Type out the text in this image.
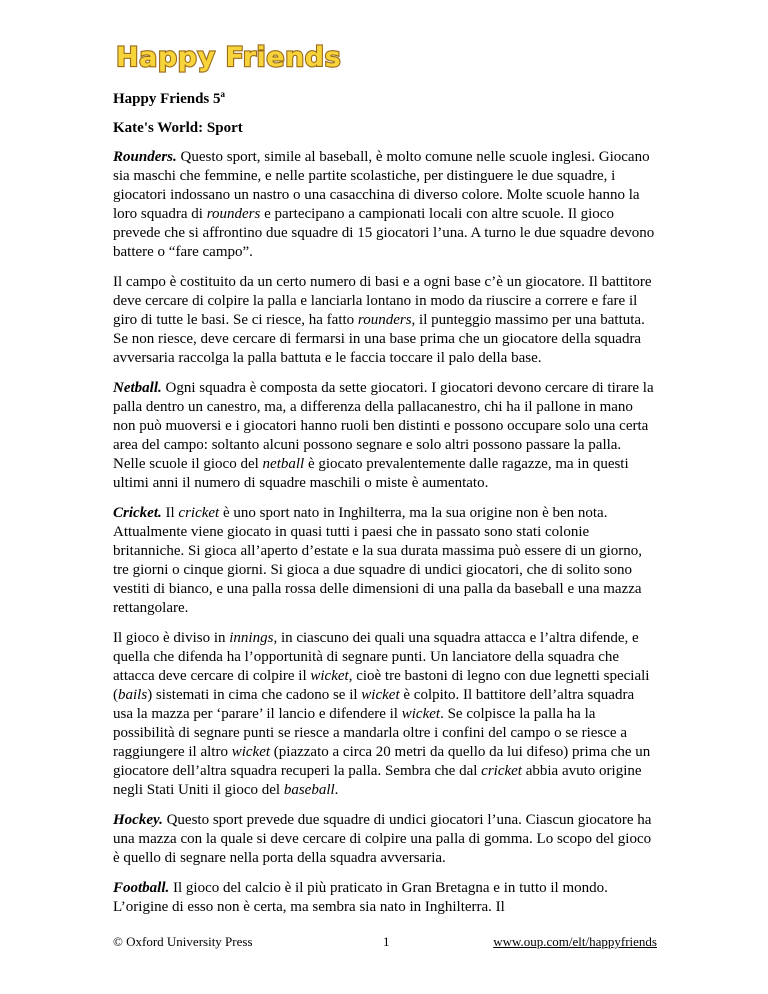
Happy Friends
Happy Friends 5$^a$
Kate's World: Sport

Rounders. Questo sport, simile al baseball, è molto comune nelle scuole inglesi. Giocano sia maschi che femmine, e nelle partite scolastiche, per distinguere le due squadre, i giocatori indossano un nastro o una casacchina di diverso colore. Molte scuole hanno la loro squadra di rounders e partecipano a campionati locali con altre scuole. Il gioco prevede che si affrontino due squadre di 15 giocatori l’una. A turno le due squadre devono battere o “fare campo”.

Il campo è costituito da un certo numero di basi e a ogni base c’è un giocatore. Il battitore deve cercare di colpire la palla e lanciarla lontano in modo da riuscire a correre e fare il giro di tutte le basi. Se ci riesce, ha fatto rounders, il punteggio massimo per una battuta. Se non riesce, deve cercare di fermarsi in una base prima che un giocatore della squadra avversaria raccolga la palla battuta e le faccia toccare il palo della base.

Netball. Ogni squadra è composta da sette giocatori. I giocatori devono cercare di tirare la palla dentro un canestro, ma, a differenza della pallacanestro, chi ha il pallone in mano non può muoversi e i giocatori hanno ruoli ben distinti e possono occupare solo una certa area del campo: soltanto alcuni possono segnare e solo altri possono passare la palla. Nelle scuole il gioco del netball è giocato prevalentemente dalle ragazze, ma in questi ultimi anni il numero di squadre maschili o miste è aumentato.

Cricket. Il cricket è uno sport nato in Inghilterra, ma la sua origine non è ben nota. Attualmente viene giocato in quasi tutti i paesi che in passato sono stati colonie britanniche. Si gioca all’aperto d’estate e la sua durata massima può essere di un giorno, tre giorni o cinque giorni. Si gioca a due squadre di undici giocatori, che di solito sono vestiti di bianco, e una palla rossa delle dimensioni di una palla da baseball e una mazza rettangolare.

Il gioco è diviso in innings, in ciascuno dei quali una squadra attacca e l’altra difende, e quella che difenda ha l’opportunità di segnare punti. Un lanciatore della squadra che attacca deve cercare di colpire il wicket, cioè tre bastoni di legno con due legnetti speciali (bails) sistemati in cima che cadono se il wicket è colpito. Il battitore dell’altra squadra usa la mazza per ‘parare’ il lancio e difendere il wicket. Se colpisce la palla ha la possibilità di segnare punti se riesce a mandarla oltre i confini del campo o se riesce a raggiungere il altro wicket (piazzato a circa 20 metri da quello da lui difeso) prima che un giocatore dell’altra squadra recuperi la palla. Sembra che dal cricket abbia avuto origine negli Stati Uniti il gioco del baseball.

Hockey. Questo sport prevede due squadre di undici giocatori l’una. Ciascun giocatore ha una mazza con la quale si deve cercare di colpire una palla di gomma. Lo scopo del gioco è quello di segnare nella porta della squadra avversaria.

Football. Il gioco del calcio è il più praticato in Gran Bretagna e in tutto il mondo. L’origine di esso non è certa, ma sembra sia nato in Inghilterra. Il

© Oxford University Press	1	www.oup.com/elt/happyfriends
